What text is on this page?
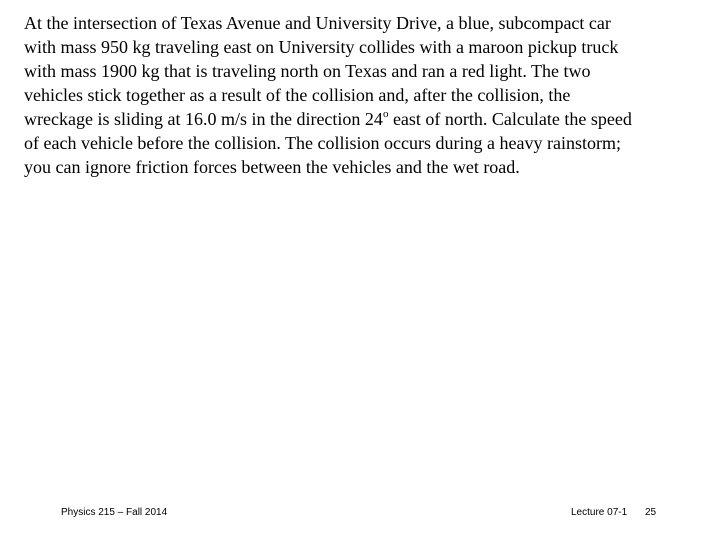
At the intersection of Texas Avenue and University Drive, a blue, subcompact car
with mass 950 kg traveling east on University collides with a maroon pickup truck
with mass 1900 kg that is traveling north on Texas and ran a red light. The two
vehicles stick together as a result of the collision and, after the collision, the
wreckage is sliding at 16.0 m/s in the direction 24$^o$ east of north. Calculate the speed
of each vehicle before the collision. The collision occurs during a heavy rainstorm;
you can ignore friction forces between the vehicles and the wet road.

Physics 215 – Fall 2014	Lecture 07-1 25
